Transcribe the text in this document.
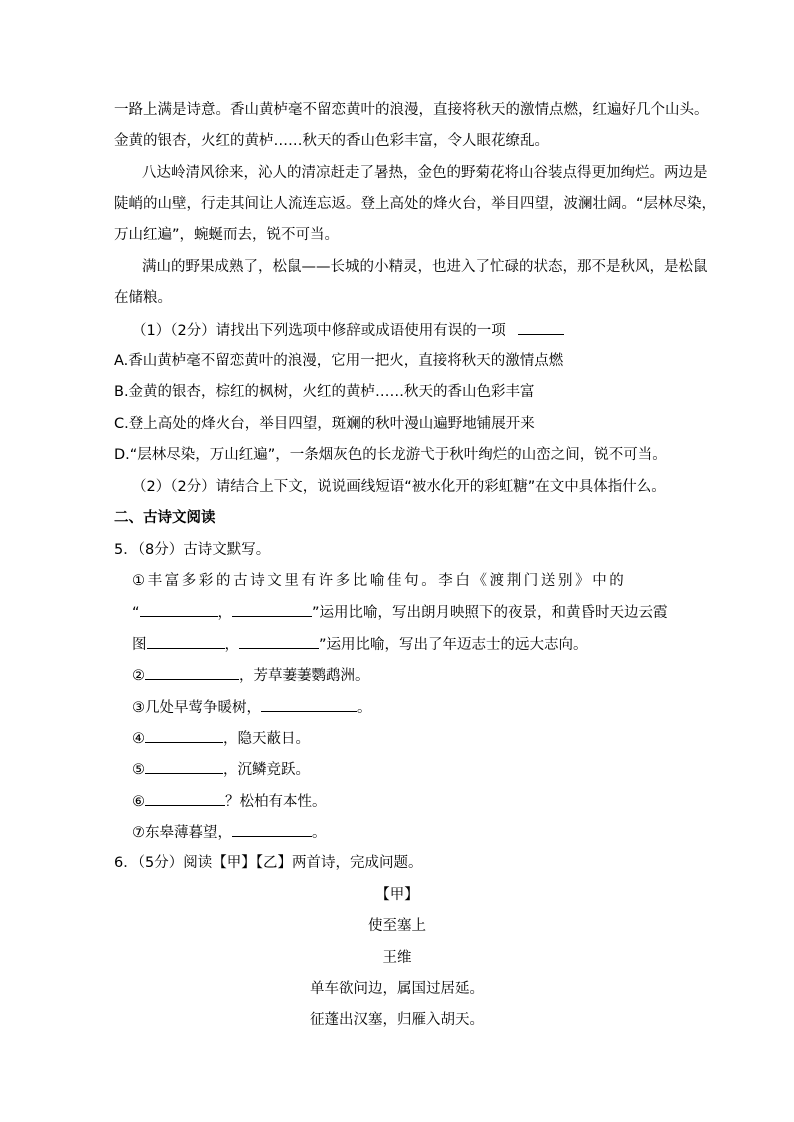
一路上满是诗意。香山黄栌毫不留恋黄叶的浪漫，直接将秋天的激情点燃，红遍好几个山头。
金黄的银杏，火红的黄栌……秋天的香山色彩丰富，令人眼花缭乱。
八达岭清风徐来，沁人的清凉赶走了暑热，金色的野菊花将山谷装点得更加绚烂。两边是
陡峭的山壁，行走其间让人流连忘返。登上高处的烽火台，举目四望，波澜壮阔。“层林尽染，
万山红遍”，蜿蜒而去，锐不可当。
满山的野果成熟了，松鼠——长城的小精灵，也进入了忙碌的状态，那不是秋风，是松鼠
在储粮。
（1）（2分）请找出下列选项中修辞或成语使用有误的一项
A.香山黄栌毫不留恋黄叶的浪漫，它用一把火，直接将秋天的激情点燃
B.金黄的银杏，棕红的枫树，火红的黄栌……秋天的香山色彩丰富
C.登上高处的烽火台，举目四望，斑斓的秋叶漫山遍野地铺展开来
D.“层林尽染，万山红遍”，一条烟灰色的长龙游弋于秋叶绚烂的山峦之间，锐不可当。
（2）（2分）请结合上下文，说说画线短语“被水化开的彩虹糖”在文中具体指什么。
二、古诗文阅读
5．（8分）古诗文默写。
①丰富多彩的古诗文里有许多比喻佳句。李白《渡荆门送别》中的
“	，	”运用比喻，写出朗月映照下的夜景，和黄昏时天边云霞
图	，	”运用比喻，写出了年迈志士的远大志向。
②	，芳草萋萋鹦鹉洲。
③几处早莺争暖树，	。
④	，隐天蔽日。
⑤	，沉鳞竞跃。
⑥	？松柏有本性。
⑦东皋薄暮望，	。
6．（5分）阅读【甲】【乙】两首诗，完成问题。
【甲】
使至塞上
王维
单车欲问边，属国过居延。
征蓬出汉塞，归雁入胡天。
